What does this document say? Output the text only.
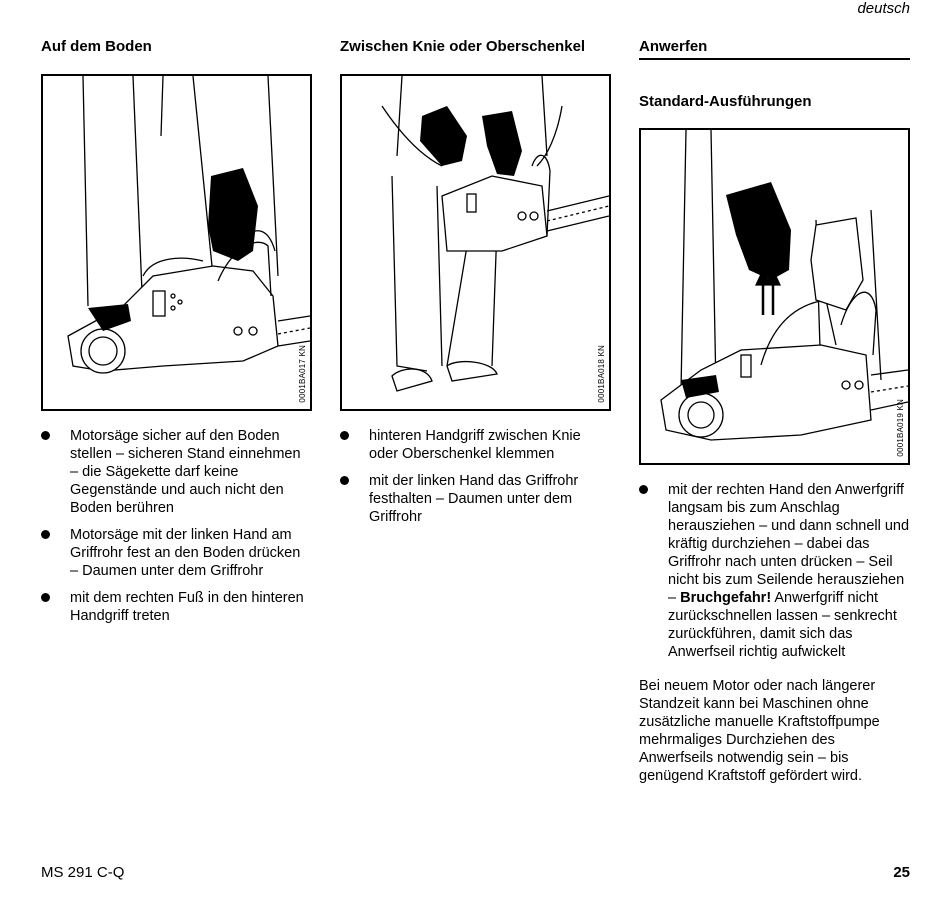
deutsch
Auf dem Boden
0001BA017 KN
Motorsäge sicher auf den Boden stellen – sicheren Stand einnehmen – die Sägekette darf keine Gegenstände und auch nicht den Boden berühren
Motorsäge mit der linken Hand am Griffrohr fest an den Boden drücken – Daumen unter dem Griffrohr
mit dem rechten Fuß in den hinteren Handgriff treten
Zwischen Knie oder Oberschenkel
0001BA018 KN
hinteren Handgriff zwischen Knie oder Oberschenkel klemmen
mit der linken Hand das Griffrohr festhalten – Daumen unter dem Griffrohr
Anwerfen
Standard-Ausführungen
0001BA019 KN
mit der rechten Hand den Anwerfgriff langsam bis zum Anschlag herausziehen – und dann schnell und kräftig durchziehen – dabei das Griffrohr nach unten drücken – Seil nicht bis zum Seilende herausziehen – Bruchgefahr! Anwerfgriff nicht zurückschnellen lassen – senkrecht zurückführen, damit sich das Anwerfseil richtig aufwickelt

Bei neuem Motor oder nach längerer Standzeit kann bei Maschinen ohne zusätzliche manuelle Kraftstoffpumpe mehrmaliges Durchziehen des Anwerfseils notwendig sein – bis genügend Kraftstoff gefördert wird.

MS 291 C-Q	25
